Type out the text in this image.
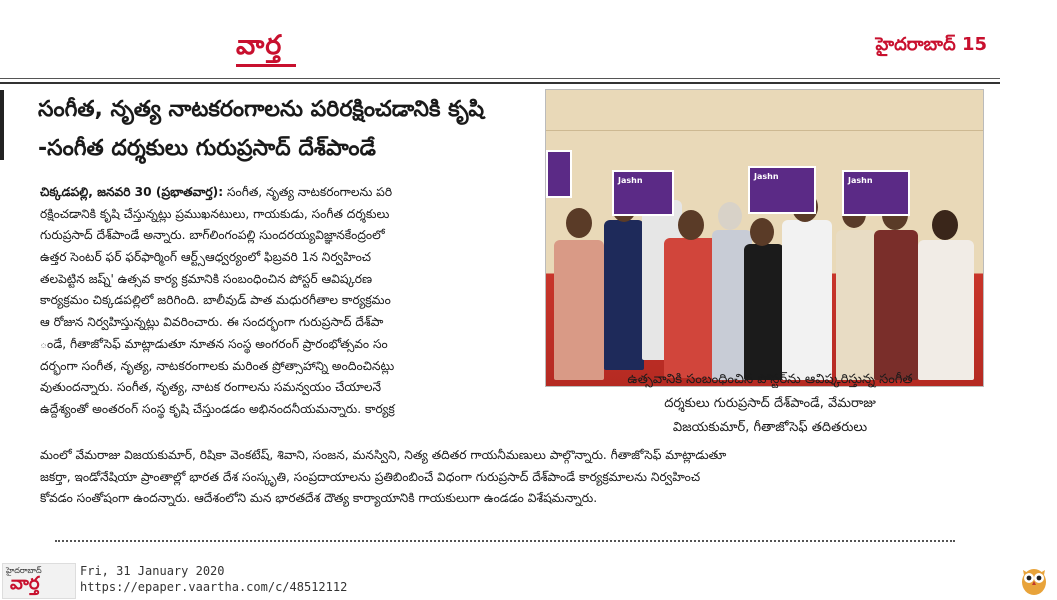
వార్త	హైదరాబాద్ 15
సంగీత, నృత్య నాటకరంగాలను పరిరక్షించడానికి కృషి
-సంగీత దర్శకులు గురుప్రసాద్ దేశ్‌పాండే
చిక్కడపల్లి, జనవరి 30 (ప్రభాతవార్త): సంగీత, నృత్య నాటకరంగాలను పరి
రక్షించడానికి కృషి చేస్తున్నట్లు ప్రముఖనటులు, గాయకుడు, సంగీత దర్శకులు
గురుప్రసాద్ దేశ్‌పాండే అన్నారు. బాగ్‌లింగంపల్లి సుందరయ్యవిజ్ఞానకేంద్రంలో
ఉత్తర సెంటర్ ఫర్ ఫర్‌ఫార్మింగ్ ఆర్ట్స్ఆధ్వర్యంలో ఫిబ్రవరి 1న నిర్వహించ
తలపెట్టిన జష్న్' ఉత్సవ కార్య క్రమానికి సంబంధించిన పోస్టర్ ఆవిష్కరణ
కార్యక్రమం చిక్కడపల్లిలో జరిగింది. బాలీవుడ్ పాత మధురగీతాల కార్యక్రమం
ఆ రోజున నిర్వహిస్తున్నట్లు వివరించారు. ఈ సందర్భంగా గురుప్రసాద్ దేశ్‌పా
ండే, గీతాజోసెఫ్ మాట్లాడుతూ నూతన సంస్థ అంగరంగ్ ప్రారంభోత్సవం సం
దర్భంగా సంగీత, నృత్య, నాటకరంగాలకు మరింత ప్రోత్సాహాన్ని అందించినట్లు
వుతుందన్నారు. సంగీత, నృత్య, నాటక రంగాలను సమన్వయం చేయాలనే
ఉద్దేశ్యంతో అంతరంగ్ సంస్థ కృషి చేస్తుండడం అభినందనీయమన్నారు. కార్యక్ర
Jashn	Jashn	Jashn
ఉత్సవానికి సంబంధించిన పోస్టర్‌ను ఆవిష్కరిస్తున్న సంగీత
దర్శకులు గురుప్రసాద్ దేశ్‌పాండే, వేమరాజు
విజయకుమార్, గీతాజోసెఫ్ తదితరులు
మంలో వేమరాజు విజయకుమార్, రిషికా వెంకటేష్, శివాని, సంజన, మనస్విని, నిత్య తదితర గాయనీమణులు పాల్గొన్నారు. గీతాజోసెఫ్ మాట్లాడుతూ
జకర్తా, ఇండోనేషియా ప్రాంతాల్లో భారత దేశ సంస్కృతి, సంప్రదాయాలను ప్రతిబింబించే విధంగా గురుప్రసాద్ దేశ్‌పాండే కార్యక్రమాలను నిర్వహించ
కోవడం సంతోషంగా ఉందన్నారు. ఆదేశంలోని మన భారతదేశ దౌత్య కార్యాయానికి గాయకులుగా ఉండడం విశేషమన్నారు.
హైదరాబాద్
వార్త
Fri, 31 January 2020
https://epaper.vaartha.com/c/48512112
